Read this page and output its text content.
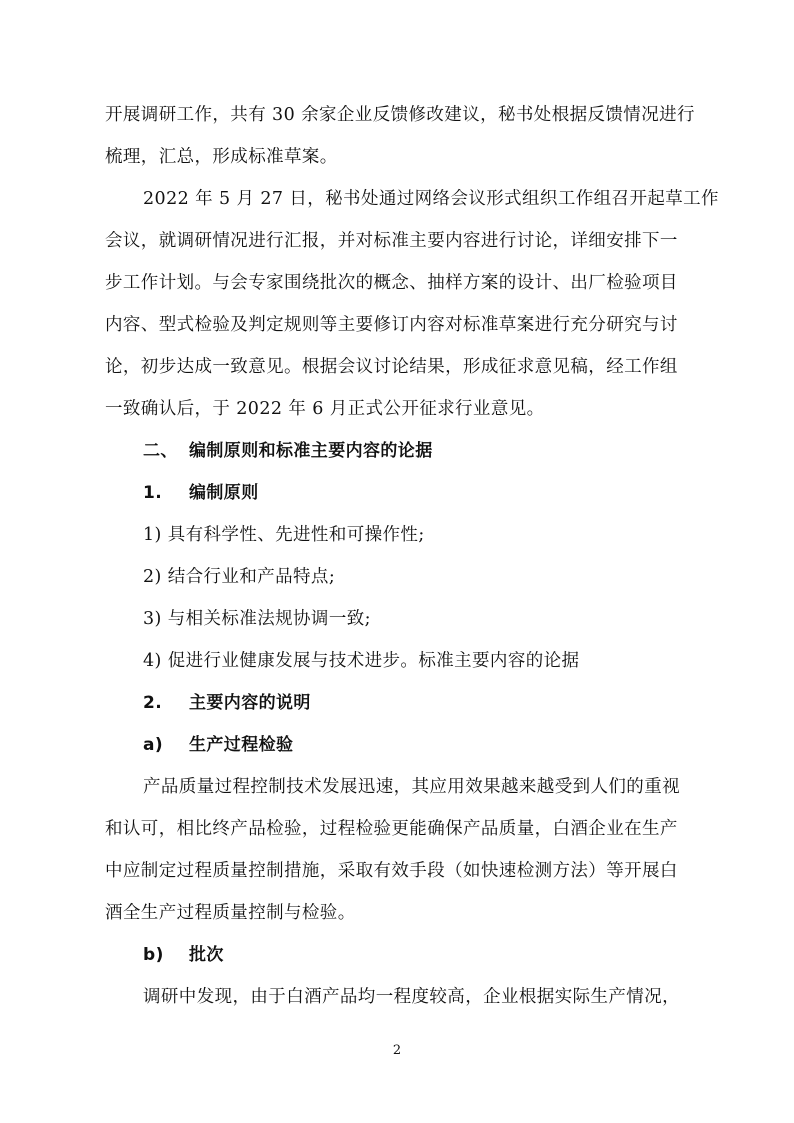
开展调研工作，共有 30 余家企业反馈修改建议，秘书处根据反馈情况进行
梳理，汇总，形成标准草案。
2022 年 5 月 27 日，秘书处通过网络会议形式组织工作组召开起草工作
会议，就调研情况进行汇报，并对标准主要内容进行讨论，详细安排下一
步工作计划。与会专家围绕批次的概念、抽样方案的设计、出厂检验项目
内容、型式检验及判定规则等主要修订内容对标准草案进行充分研究与讨
论，初步达成一致意见。根据会议讨论结果，形成征求意见稿，经工作组
一致确认后，于 2022 年 6 月正式公开征求行业意见。
二、 编制原则和标准主要内容的论据
1. 编制原则
1) 具有科学性、先进性和可操作性;
2) 结合行业和产品特点;
3) 与相关标准法规协调一致;
4) 促进行业健康发展与技术进步。标准主要内容的论据
2. 主要内容的说明
a) 生产过程检验
产品质量过程控制技术发展迅速，其应用效果越来越受到人们的重视
和认可，相比终产品检验，过程检验更能确保产品质量，白酒企业在生产
中应制定过程质量控制措施，采取有效手段（如快速检测方法）等开展白
酒全生产过程质量控制与检验。
b) 批次
调研中发现，由于白酒产品均一程度较高，企业根据实际生产情况，
2
